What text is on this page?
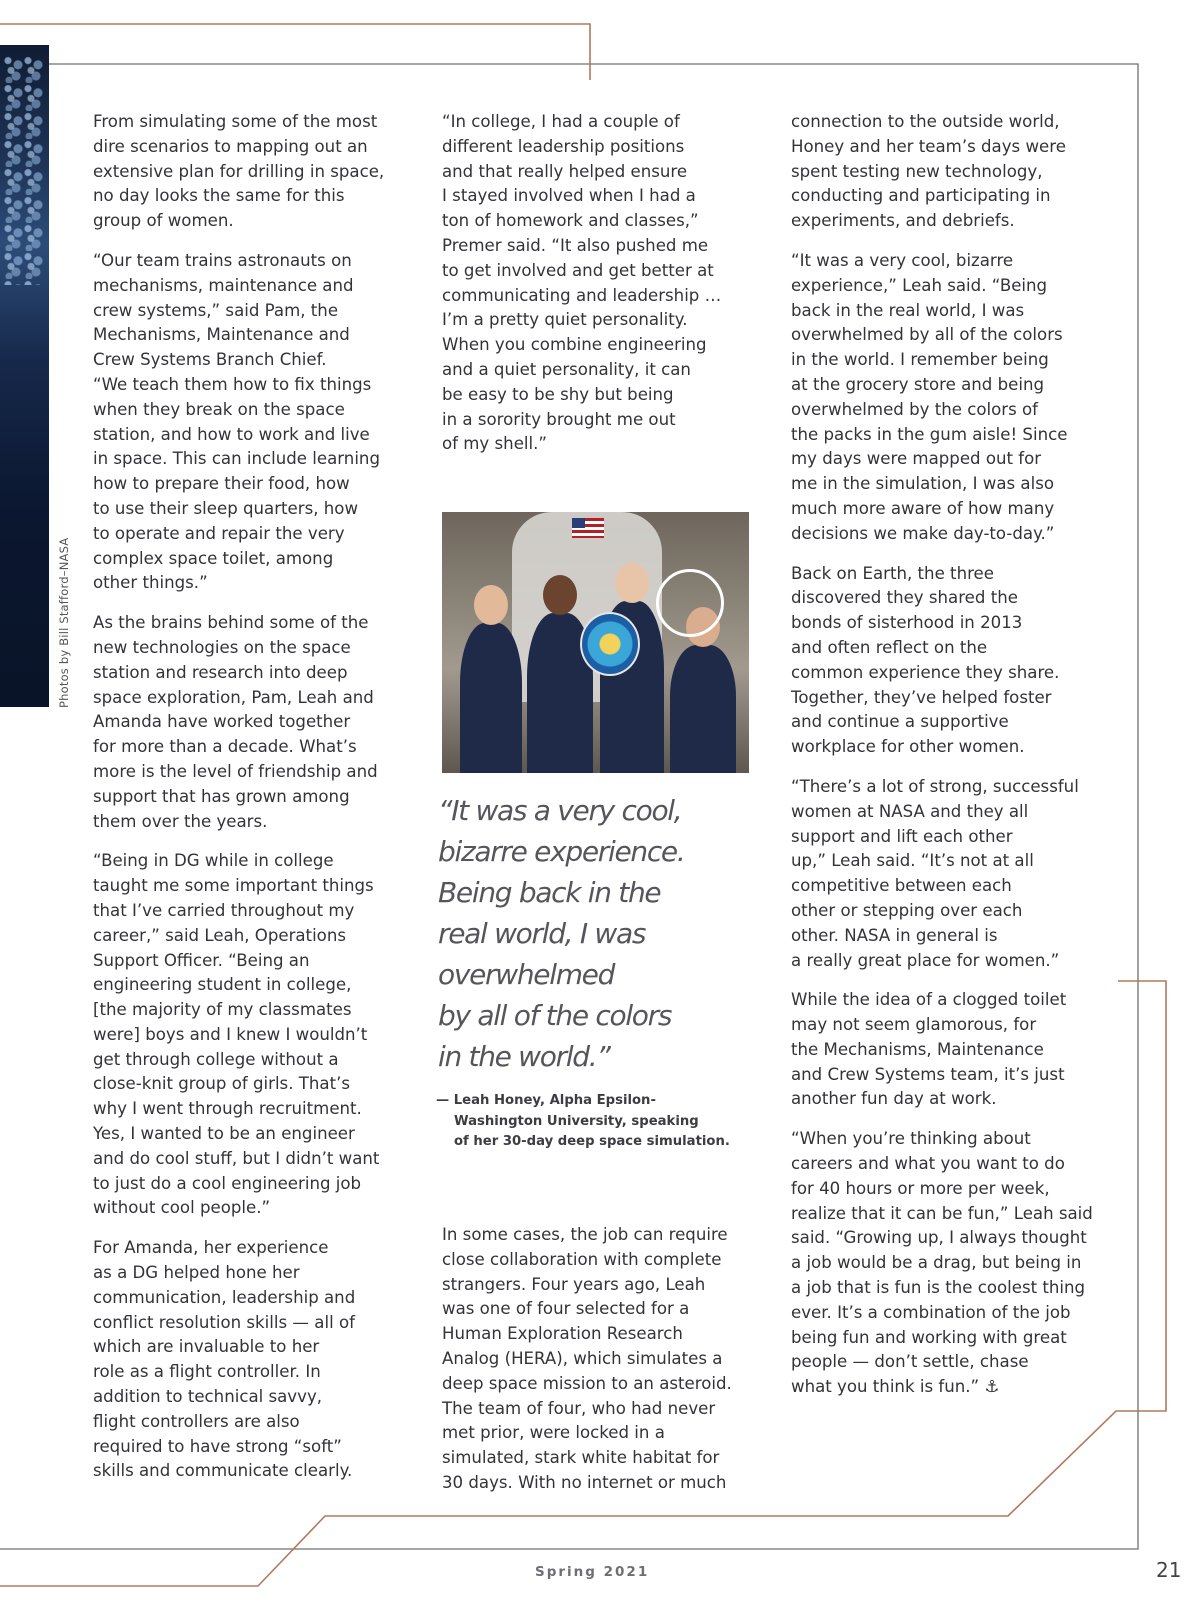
Photos by Bill Stafford–NASA

From simulating some of the most
dire scenarios to mapping out an
extensive plan for drilling in space,
no day looks the same for this
group of women.

“Our team trains astronauts on
mechanisms, maintenance and
crew systems,” said Pam, the
Mechanisms, Maintenance and
Crew Systems Branch Chief.
“We teach them how to fix things
when they break on the space
station, and how to work and live
in space. This can include learning
how to prepare their food, how
to use their sleep quarters, how
to operate and repair the very
complex space toilet, among
other things.”

As the brains behind some of the
new technologies on the space
station and research into deep
space exploration, Pam, Leah and
Amanda have worked together
for more than a decade. What’s
more is the level of friendship and
support that has grown among
them over the years.

“Being in DG while in college
taught me some important things
that I’ve carried throughout my
career,” said Leah, Operations
Support Officer. “Being an
engineering student in college,
[the majority of my classmates
were] boys and I knew I wouldn’t
get through college without a
close-knit group of girls. That’s
why I went through recruitment.
Yes, I wanted to be an engineer
and do cool stuff, but I didn’t want
to just do a cool engineering job
without cool people.”

For Amanda, her experience
as a DG helped hone her
communication, leadership and
conflict resolution skills — all of
which are invaluable to her
role as a flight controller. In
addition to technical savvy,
flight controllers are also
required to have strong “soft”
skills and communicate clearly.

“In college, I had a couple of
different leadership positions
and that really helped ensure
I stayed involved when I had a
ton of homework and classes,”
Premer said. “It also pushed me
to get involved and get better at
communicating and leadership …
I’m a pretty quiet personality.
When you combine engineering
and a quiet personality, it can
be easy to be shy but being
in a sorority brought me out
of my shell.”

“It was a very cool,
bizarre experience.
Being back in the
real world, I was
overwhelmed
by all of the colors
in the world.”
— Leah Honey, Alpha Epsilon-
Washington University, speaking
of her 30-day deep space simulation.

In some cases, the job can require
close collaboration with complete
strangers. Four years ago, Leah
was one of four selected for a
Human Exploration Research
Analog (HERA), which simulates a
deep space mission to an asteroid.
The team of four, who had never
met prior, were locked in a
simulated, stark white habitat for
30 days. With no internet or much

connection to the outside world,
Honey and her team’s days were
spent testing new technology,
conducting and participating in
experiments, and debriefs.

“It was a very cool, bizarre
experience,” Leah said. “Being
back in the real world, I was
overwhelmed by all of the colors
in the world. I remember being
at the grocery store and being
overwhelmed by the colors of
the packs in the gum aisle! Since
my days were mapped out for
me in the simulation, I was also
much more aware of how many
decisions we make day-to-day.”

Back on Earth, the three
discovered they shared the
bonds of sisterhood in 2013
and often reflect on the
common experience they share.
Together, they’ve helped foster
and continue a supportive
workplace for other women.

“There’s a lot of strong, successful
women at NASA and they all
support and lift each other
up,” Leah said. “It’s not at all
competitive between each
other or stepping over each
other. NASA in general is
a really great place for women.”

While the idea of a clogged toilet
may not seem glamorous, for
the Mechanisms, Maintenance
and Crew Systems team, it’s just
another fun day at work.

“When you’re thinking about
careers and what you want to do
for 40 hours or more per week,
realize that it can be fun,” Leah said
said. “Growing up, I always thought
a job would be a drag, but being in
a job that is fun is the coolest thing
ever. It’s a combination of the job
being fun and working with great
people — don’t settle, chase
what you think is fun.” ⚓

Spring 2021	21
